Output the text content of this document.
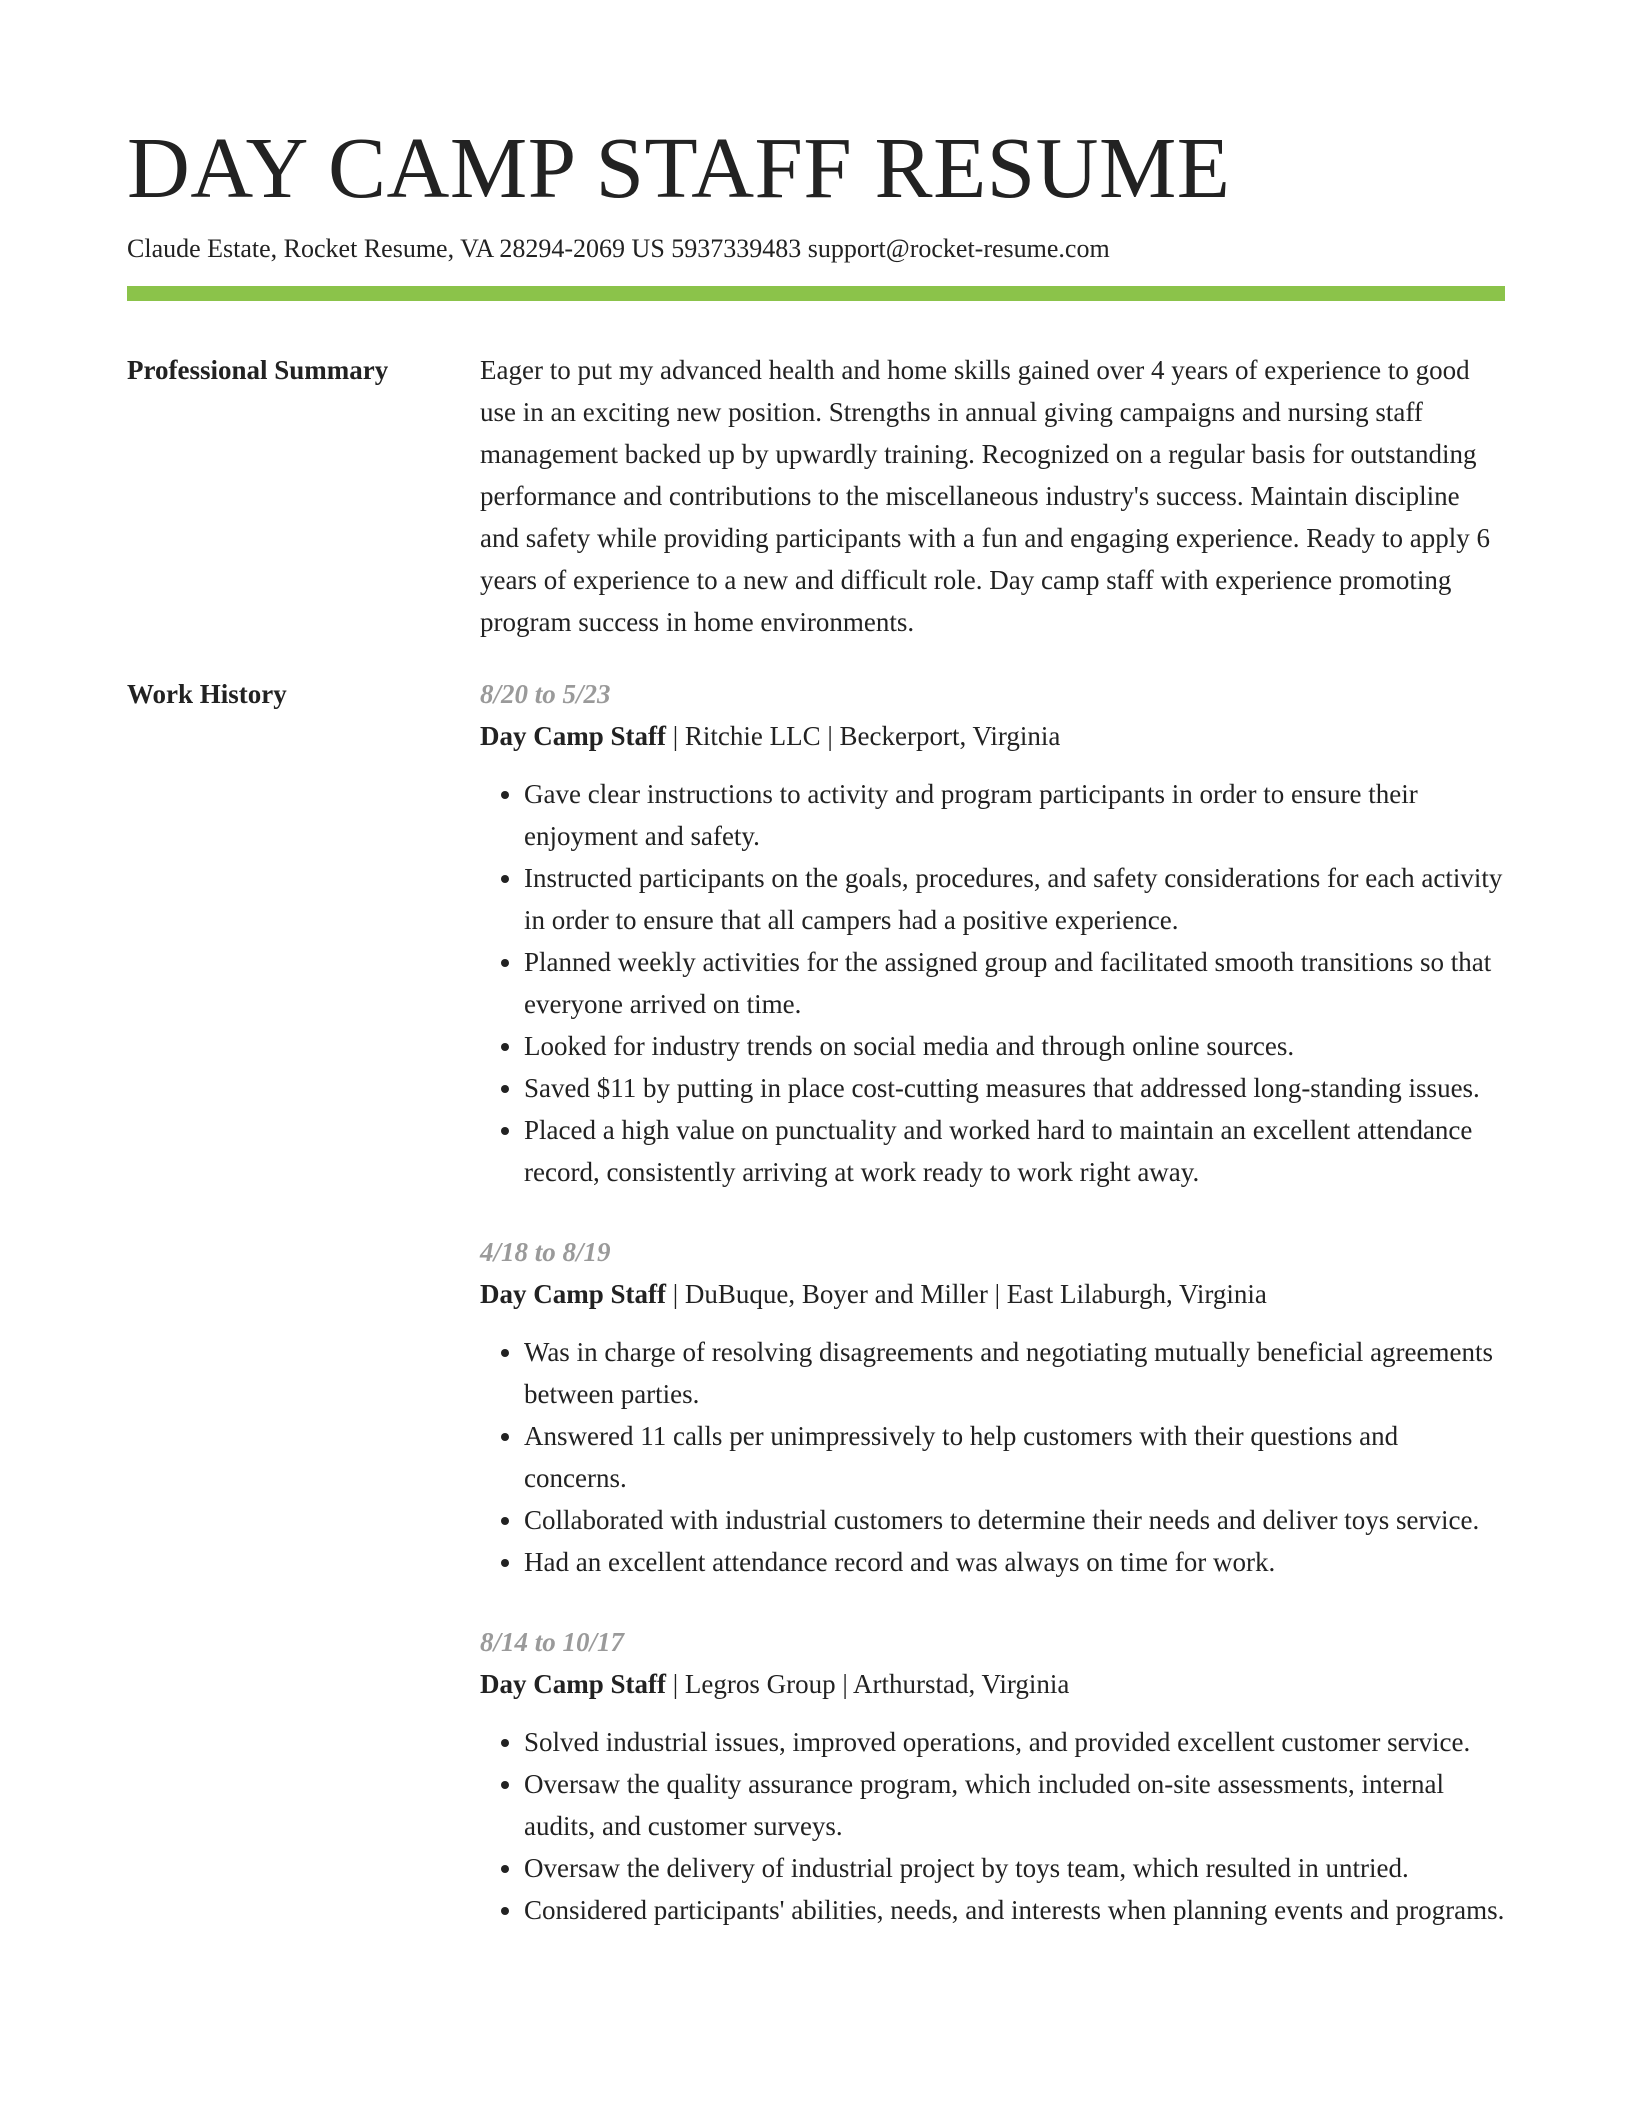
DAY CAMP STAFF RESUME
Claude Estate, Rocket Resume, VA 28294-2069 US 5937339483 support@rocket-resume.com
Professional Summary	Eager to put my advanced health and home skills gained over 4 years of experience to good use in an exciting new position. Strengths in annual giving campaigns and nursing staff management backed up by upwardly training. Recognized on a regular basis for outstanding performance and contributions to the miscellaneous industry's success. Maintain discipline and safety while providing participants with a fun and engaging experience. Ready to apply 6 years of experience to a new and difficult role. Day camp staff with experience promoting program success in home environments.

Work History	8/20 to 5/23
Day Camp Staff | Ritchie LLC | Beckerport, Virginia
• Gave clear instructions to activity and program participants in order to ensure their enjoyment and safety.
• Instructed participants on the goals, procedures, and safety considerations for each activity in order to ensure that all campers had a positive experience.
• Planned weekly activities for the assigned group and facilitated smooth transitions so that everyone arrived on time.
• Looked for industry trends on social media and through online sources.
• Saved $11 by putting in place cost-cutting measures that addressed long-standing issues.
• Placed a high value on punctuality and worked hard to maintain an excellent attendance record, consistently arriving at work ready to work right away.
4/18 to 8/19
Day Camp Staff | DuBuque, Boyer and Miller | East Lilaburgh, Virginia
• Was in charge of resolving disagreements and negotiating mutually beneficial agreements between parties.
• Answered 11 calls per unimpressively to help customers with their questions and concerns.
• Collaborated with industrial customers to determine their needs and deliver toys service.
• Had an excellent attendance record and was always on time for work.
8/14 to 10/17
Day Camp Staff | Legros Group | Arthurstad, Virginia
• Solved industrial issues, improved operations, and provided excellent customer service.
• Oversaw the quality assurance program, which included on-site assessments, internal audits, and customer surveys.
• Oversaw the delivery of industrial project by toys team, which resulted in untried.
• Considered participants' abilities, needs, and interests when planning events and programs.
